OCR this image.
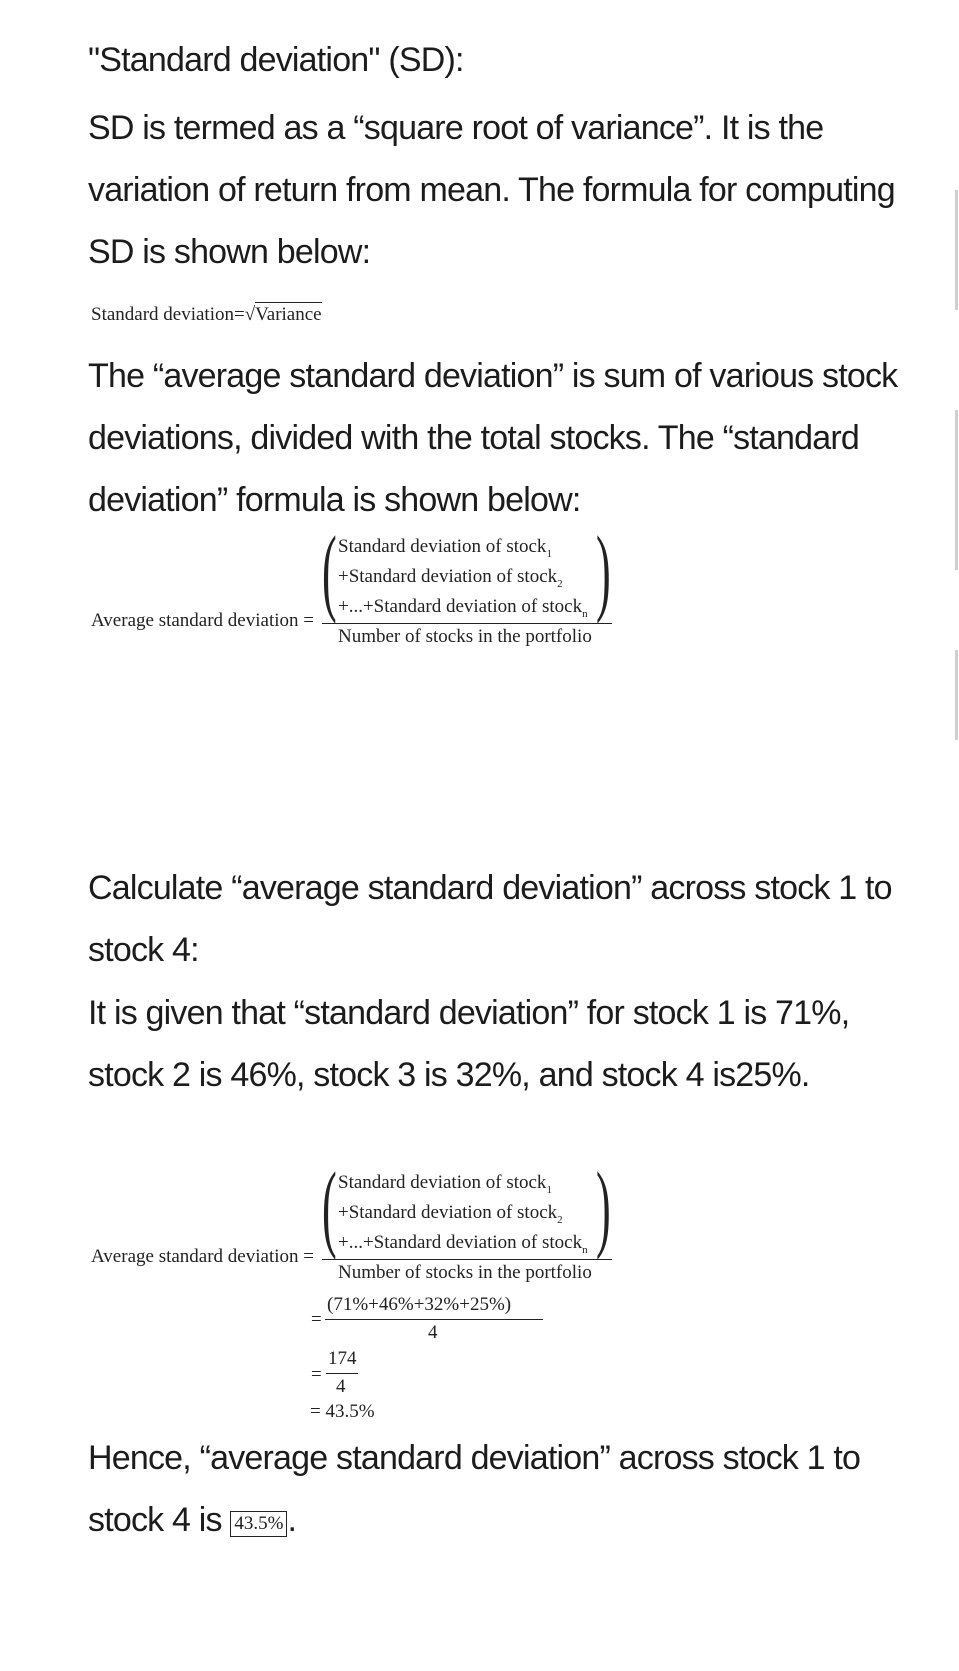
"Standard deviation" (SD):

SD is termed as a “square root of variance”. It is the variation of return from mean. The formula for computing SD is shown below:

Standard deviation=√Variance

The “average standard deviation” is sum of various stock deviations, divided with the total stocks. The “standard deviation” formula is shown below:

( Standard deviation of stock$_1$
+Standard deviation of stock$_2$
+...+Standard deviation of stock$_n$ )
Average standard deviation =
Number of stocks in the portfolio

Calculate “average standard deviation” across stock 1 to stock 4:

It is given that “standard deviation” for stock 1 is 71%, stock 2 is 46%, stock 3 is 32%, and stock 4 is25%.

( Standard deviation of stock$_1$
+Standard deviation of stock$_2$
+...+Standard deviation of stock$_n$ )
Average standard deviation =
Number of stocks in the portfolio
=
(71%+46%+32%+25%)
4
=
174
4
= 43.5%

Hence, “average standard deviation” across stock 1 to stock 4 is 43.5% .
